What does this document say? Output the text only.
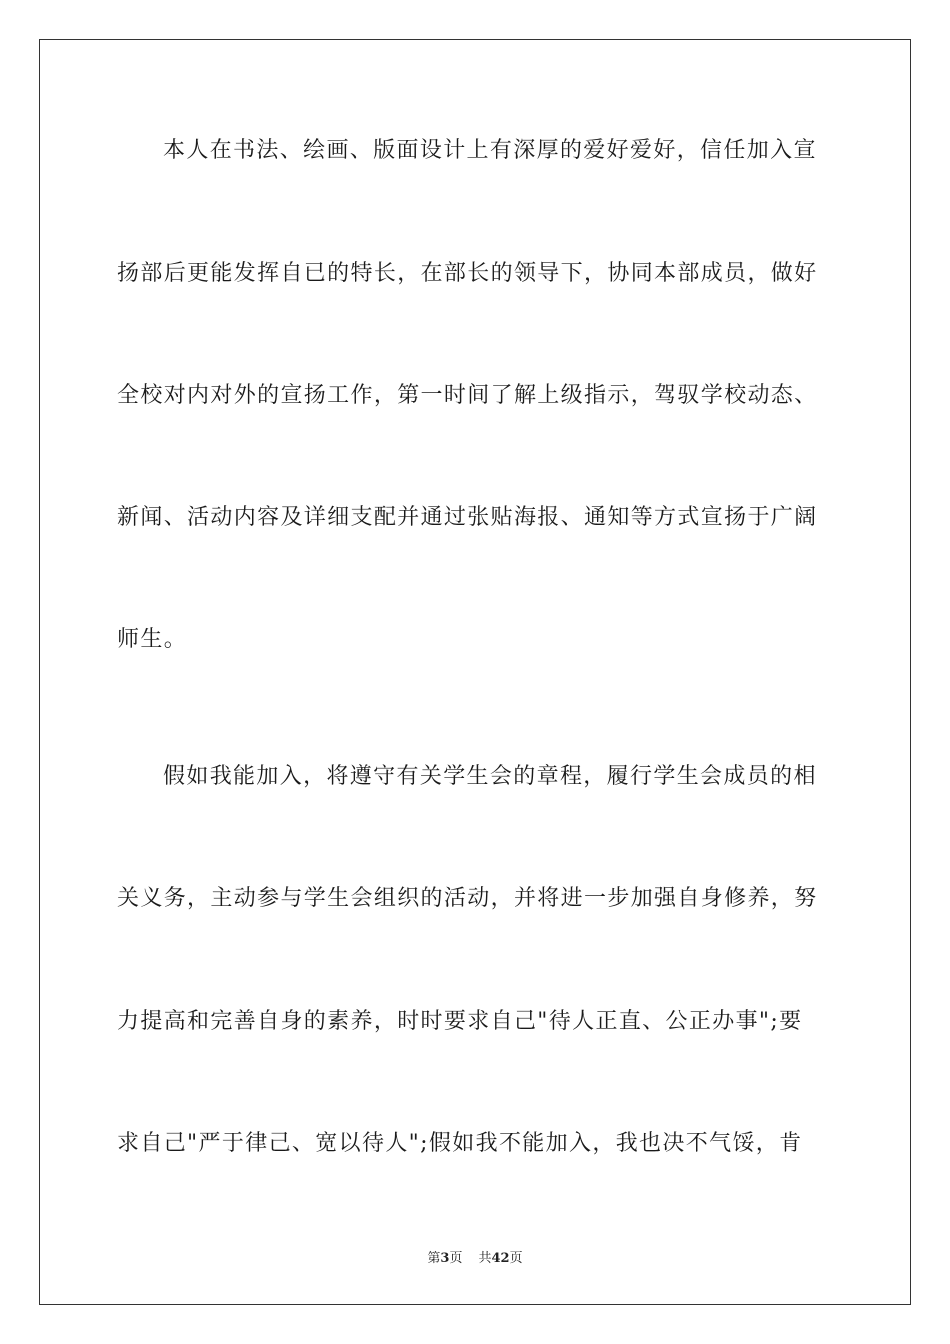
本人在书法、绘画、版面设计上有深厚的爱好爱好，信任加入宣
扬部后更能发挥自已的特长，在部长的领导下，协同本部成员，做好
全校对内对外的宣扬工作，第一时间了解上级指示，驾驭学校动态、
新闻、活动内容及详细支配并通过张贴海报、通知等方式宣扬于广阔
师生。
假如我能加入，将遵守有关学生会的章程，履行学生会成员的相
关义务，主动参与学生会组织的活动，并将进一步加强自身修养，努
力提高和完善自身的素养，时时要求自己"待人正直、公正办事";要
求自己"严于律己、宽以待人";假如我不能加入，我也决不气馁，肯
第3页 共42页
